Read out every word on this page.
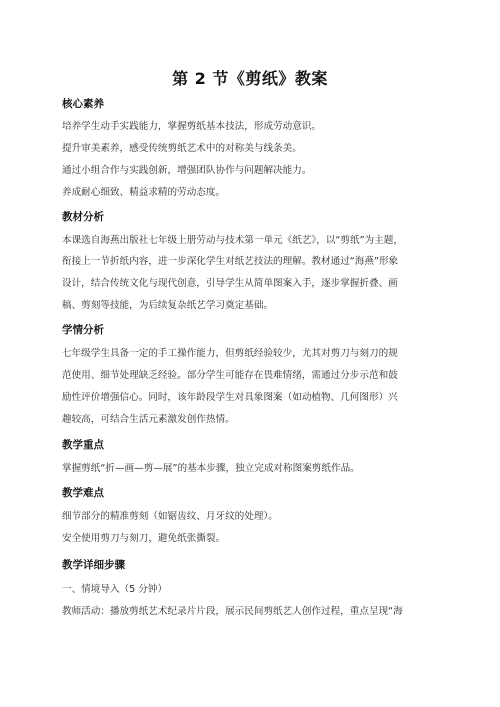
第 2 节《剪纸》教案
核心素养
培养学生动手实践能力，掌握剪纸基本技法，形成劳动意识。
提升审美素养，感受传统剪纸艺术中的对称美与线条美。
通过小组合作与实践创新，增强团队协作与问题解决能力。
养成耐心细致、精益求精的劳动态度。
教材分析
本课选自海燕出版社七年级上册劳动与技术第一单元《纸艺》，以“剪纸”为主题，
衔接上一节折纸内容，进一步深化学生对纸艺技法的理解。教材通过“海燕”形象
设计，结合传统文化与现代创意，引导学生从简单图案入手，逐步掌握折叠、画
稿、剪刻等技能，为后续复杂纸艺学习奠定基础。
学情分析
七年级学生具备一定的手工操作能力，但剪纸经验较少，尤其对剪刀与刻刀的规
范使用、细节处理缺乏经验。部分学生可能存在畏难情绪，需通过分步示范和鼓
励性评价增强信心。同时，该年龄段学生对具象图案（如动植物、几何图形）兴
趣较高，可结合生活元素激发创作热情。
教学重点
掌握剪纸“折—画—剪—展”的基本步骤，独立完成对称图案剪纸作品。
教学难点
细节部分的精准剪刻（如锯齿纹、月牙纹的处理）。
安全使用剪刀与刻刀，避免纸张撕裂。
教学详细步骤
一、情境导入（5 分钟）
教师活动：播放剪纸艺术纪录片片段，展示民间剪纸艺人创作过程，重点呈现“海
